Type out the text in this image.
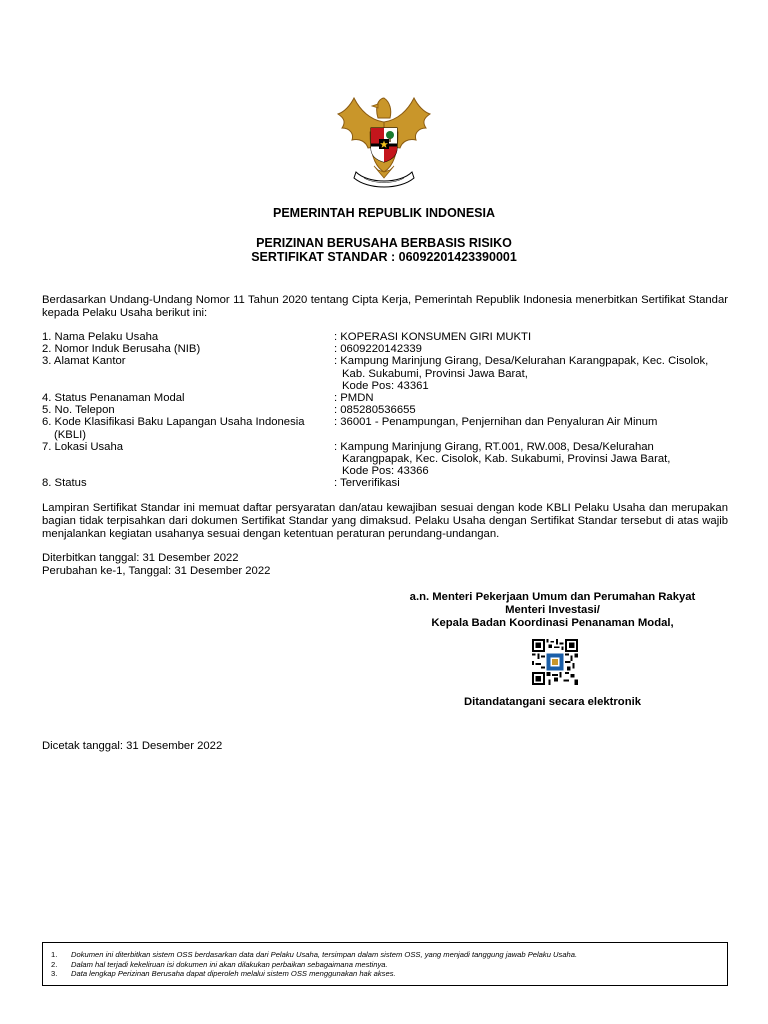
PEMERINTAH REPUBLIK INDONESIA
PERIZINAN BERUSAHA BERBASIS RISIKO
SERTIFIKAT STANDAR : 06092201423390001
Berdasarkan Undang-Undang Nomor 11 Tahun 2020 tentang Cipta Kerja, Pemerintah Republik Indonesia menerbitkan Sertifikat Standar kepada Pelaku Usaha berikut ini:
1. Nama Pelaku Usaha	: KOPERASI KONSUMEN GIRI MUKTI
2. Nomor Induk Berusaha (NIB)	: 0609220142339
3. Alamat Kantor	: Kampung Marinjung Girang, Desa/Kelurahan Karangpapak, Kec. Cisolok,
Kab. Sukabumi, Provinsi Jawa Barat,
Kode Pos: 43361
4. Status Penanaman Modal	: PMDN
5. No. Telepon	: 085280536655
6. Kode Klasifikasi Baku Lapangan Usaha Indonesia
(KBLI)
: 36001 - Penampungan, Penjernihan dan Penyaluran Air Minum

7. Lokasi Usaha	: Kampung Marinjung Girang, RT.001, RW.008, Desa/Kelurahan
Karangpapak, Kec. Cisolok, Kab. Sukabumi, Provinsi Jawa Barat,
Kode Pos: 43366
8. Status	: Terverifikasi
Lampiran Sertifikat Standar ini memuat daftar persyaratan dan/atau kewajiban sesuai dengan kode KBLI Pelaku Usaha dan merupakan bagian tidak terpisahkan dari dokumen Sertifikat Standar yang dimaksud. Pelaku Usaha dengan Sertifikat Standar tersebut di atas wajib menjalankan kegiatan usahanya sesuai dengan ketentuan peraturan perundang-undangan.
Diterbitkan tanggal: 31 Desember 2022
Perubahan ke-1, Tanggal: 31 Desember 2022
a.n. Menteri Pekerjaan Umum dan Perumahan Rakyat
Menteri Investasi/
Kepala Badan Koordinasi Penanaman Modal,
Ditandatangani secara elektronik
Dicetak tanggal: 31 Desember 2022
1. Dokumen ini diterbitkan sistem OSS berdasarkan data dari Pelaku Usaha, tersimpan dalam sistem OSS, yang menjadi tanggung jawab Pelaku Usaha.
2. Dalam hal terjadi kekeliruan isi dokumen ini akan dilakukan perbaikan sebagaimana mestinya.
3. Data lengkap Perizinan Berusaha dapat diperoleh melalui sistem OSS menggunakan hak akses.
